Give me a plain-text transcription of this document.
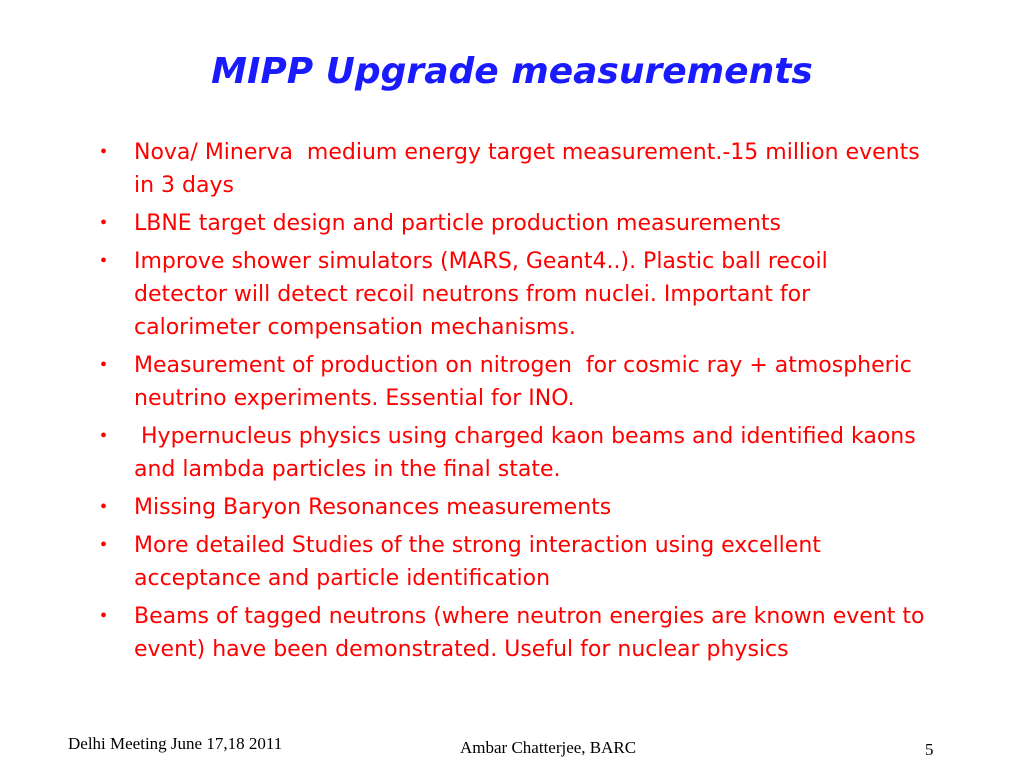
MIPP Upgrade measurements
• Nova/ Minerva  medium energy target measurement.-15 million events in 3 days
• LBNE target design and particle production measurements
• Improve shower simulators (MARS, Geant4..). Plastic ball recoil detector will detect recoil neutrons from nuclei. Important for calorimeter compensation mechanisms.
• Measurement of production on nitrogen  for cosmic ray + atmospheric neutrino experiments. Essential for INO.
• Hypernucleus physics using charged kaon beams and identified kaons and lambda particles in the final state.
• Missing Baryon Resonances measurements
• More detailed Studies of the strong interaction using excellent acceptance and particle identification
• Beams of tagged neutrons (where neutron energies are known event to event) have been demonstrated. Useful for nuclear physics
Delhi Meeting June 17,18 2011	Ambar Chatterjee, BARC	5
